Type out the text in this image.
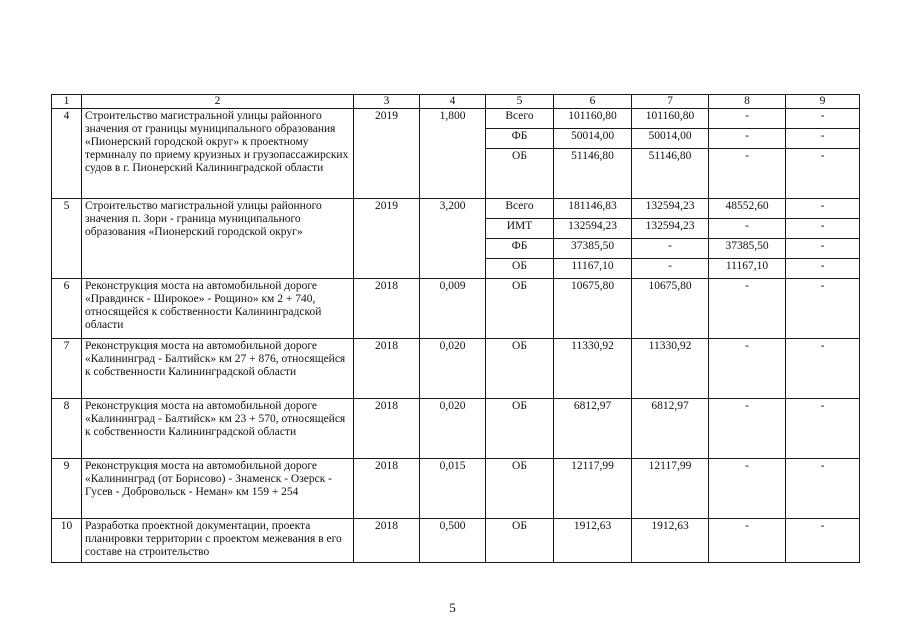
1	2	3	4	5	6	7	8	9
4	Строительство магистральной улицы районного значения от границы муниципального образования «Пионерский городской округ» к проектному терминалу по приему круизных и грузопассажирских судов в г. Пионерский Калининградской области	2019	1,800	Всего	101160,80	101160,80	-	-
				ФБ	50014,00	50014,00	-	-
				ОБ	51146,80	51146,80	-	-
5	Строительство магистральной улицы районного значения п. Зори - граница муниципального образования «Пионерский городской округ»	2019	3,200	Всего	181146,83	132594,23	48552,60	-
				ИМТ	132594,23	132594,23	-	-
				ФБ	37385,50	-	37385,50	-
				ОБ	11167,10	-	11167,10	-
6	Реконструкция моста на автомобильной дороге «Правдинск - Широкое» - Рощино» км 2 + 740, относящейся к собственности Калининградской области	2018	0,009	ОБ	10675,80	10675,80	-	-
7	Реконструкция моста на автомобильной дороге «Калининград - Балтийск» км 27 + 876, относящейся к собственности Калининградской области	2018	0,020	ОБ	11330,92	11330,92	-	-
8	Реконструкция моста на автомобильной дороге «Калининград - Балтийск» км 23 + 570, относящейся к собственности Калининградской области	2018	0,020	ОБ	6812,97	6812,97	-	-
9	Реконструкция моста на автомобильной дороге «Калининград (от Борисово) - Знаменск - Озерск - Гусев - Добровольск - Неман» км 159 + 254	2018	0,015	ОБ	12117,99	12117,99	-	-
10	Разработка проектной документации, проекта планировки территории с проектом межевания в его составе на строительство	2018	0,500	ОБ	1912,63	1912,63	-	-
5
